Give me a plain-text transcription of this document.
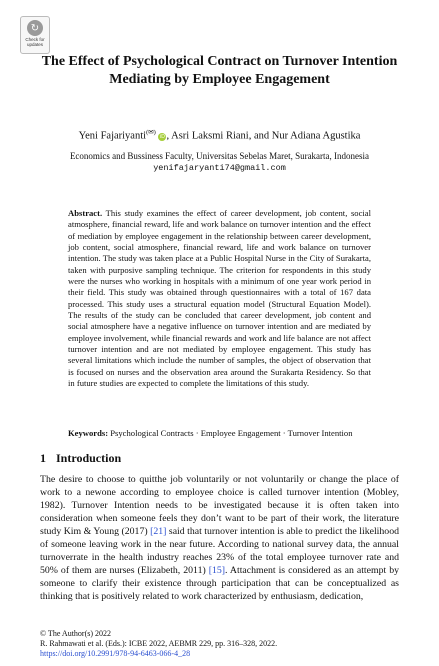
↻
Check for
updates
The Effect of Psychological Contract on Turnover Intention Mediating by Employee Engagement
Yeni Fajariyanti(✉) iD , Asri Laksmi Riani, and Nur Adiana Agustika
Economics and Bussiness Faculty, Universitas Sebelas Maret, Surakarta, Indonesia
yenifajaryanti74@gmail.com
Abstract. This study examines the effect of career development, job content, social atmosphere, financial reward, life and work balance on turnover intention and the effect of mediation by employee engagement in the relationship between career development, job content, social atmosphere, financial reward, life and work balance on turnover intention. The study was taken place at a Public Hospital Nurse in the City of Surakarta, taken with purposive sampling technique. The criterion for respondents in this study were the nurses who working in hospitals with a minimum of one year work period in their field. This study was obtained through questionnaires with a total of 167 data processed. This study uses a structural equation model (Structural Equation Model). The results of the study can be concluded that career development, job content and social atmosphere have a negative influence on turnover intention and are mediated by employee involvement, while financial rewards and work and life balance are not affect turnover intention and are not mediated by employee engagement. This study has several limitations which include the number of samples, the object of observation that is focused on nurses and the observation area around the Surakarta Residency. So that in future studies are expected to complete the limitations of this study.
Keywords: Psychological Contracts · Employee Engagement · Turnover Intention
1 Introduction
The desire to choose to quitthe job voluntarily or not voluntarily or change the place of work to a newone according to employee choice is called turnover intention (Mobley, 1982). Turnover Intention needs to be investigated because it is often taken into consideration when someone feels they don’t want to be part of their work, the literature study Kim & Young (2017) [21] said that turnover intention is able to predict the likelihood of someone leaving work in the near future. According to national survey data, the annual turnoverrate in the health industry reaches 23% of the total employee turnover rate and 50% of them are nurses (Elizabeth, 2011) [15]. Attachment is considered as an attempt by someone to clarify their existence through participation that can be conceptualized as thinking that is positively related to work characterized by enthusiasm, dedication,
© The Author(s) 2022
R. Rahmawati et al. (Eds.): ICBE 2022, AEBMR 229, pp. 316–328, 2022.
https://doi.org/10.2991/978-94-6463-066-4_28
